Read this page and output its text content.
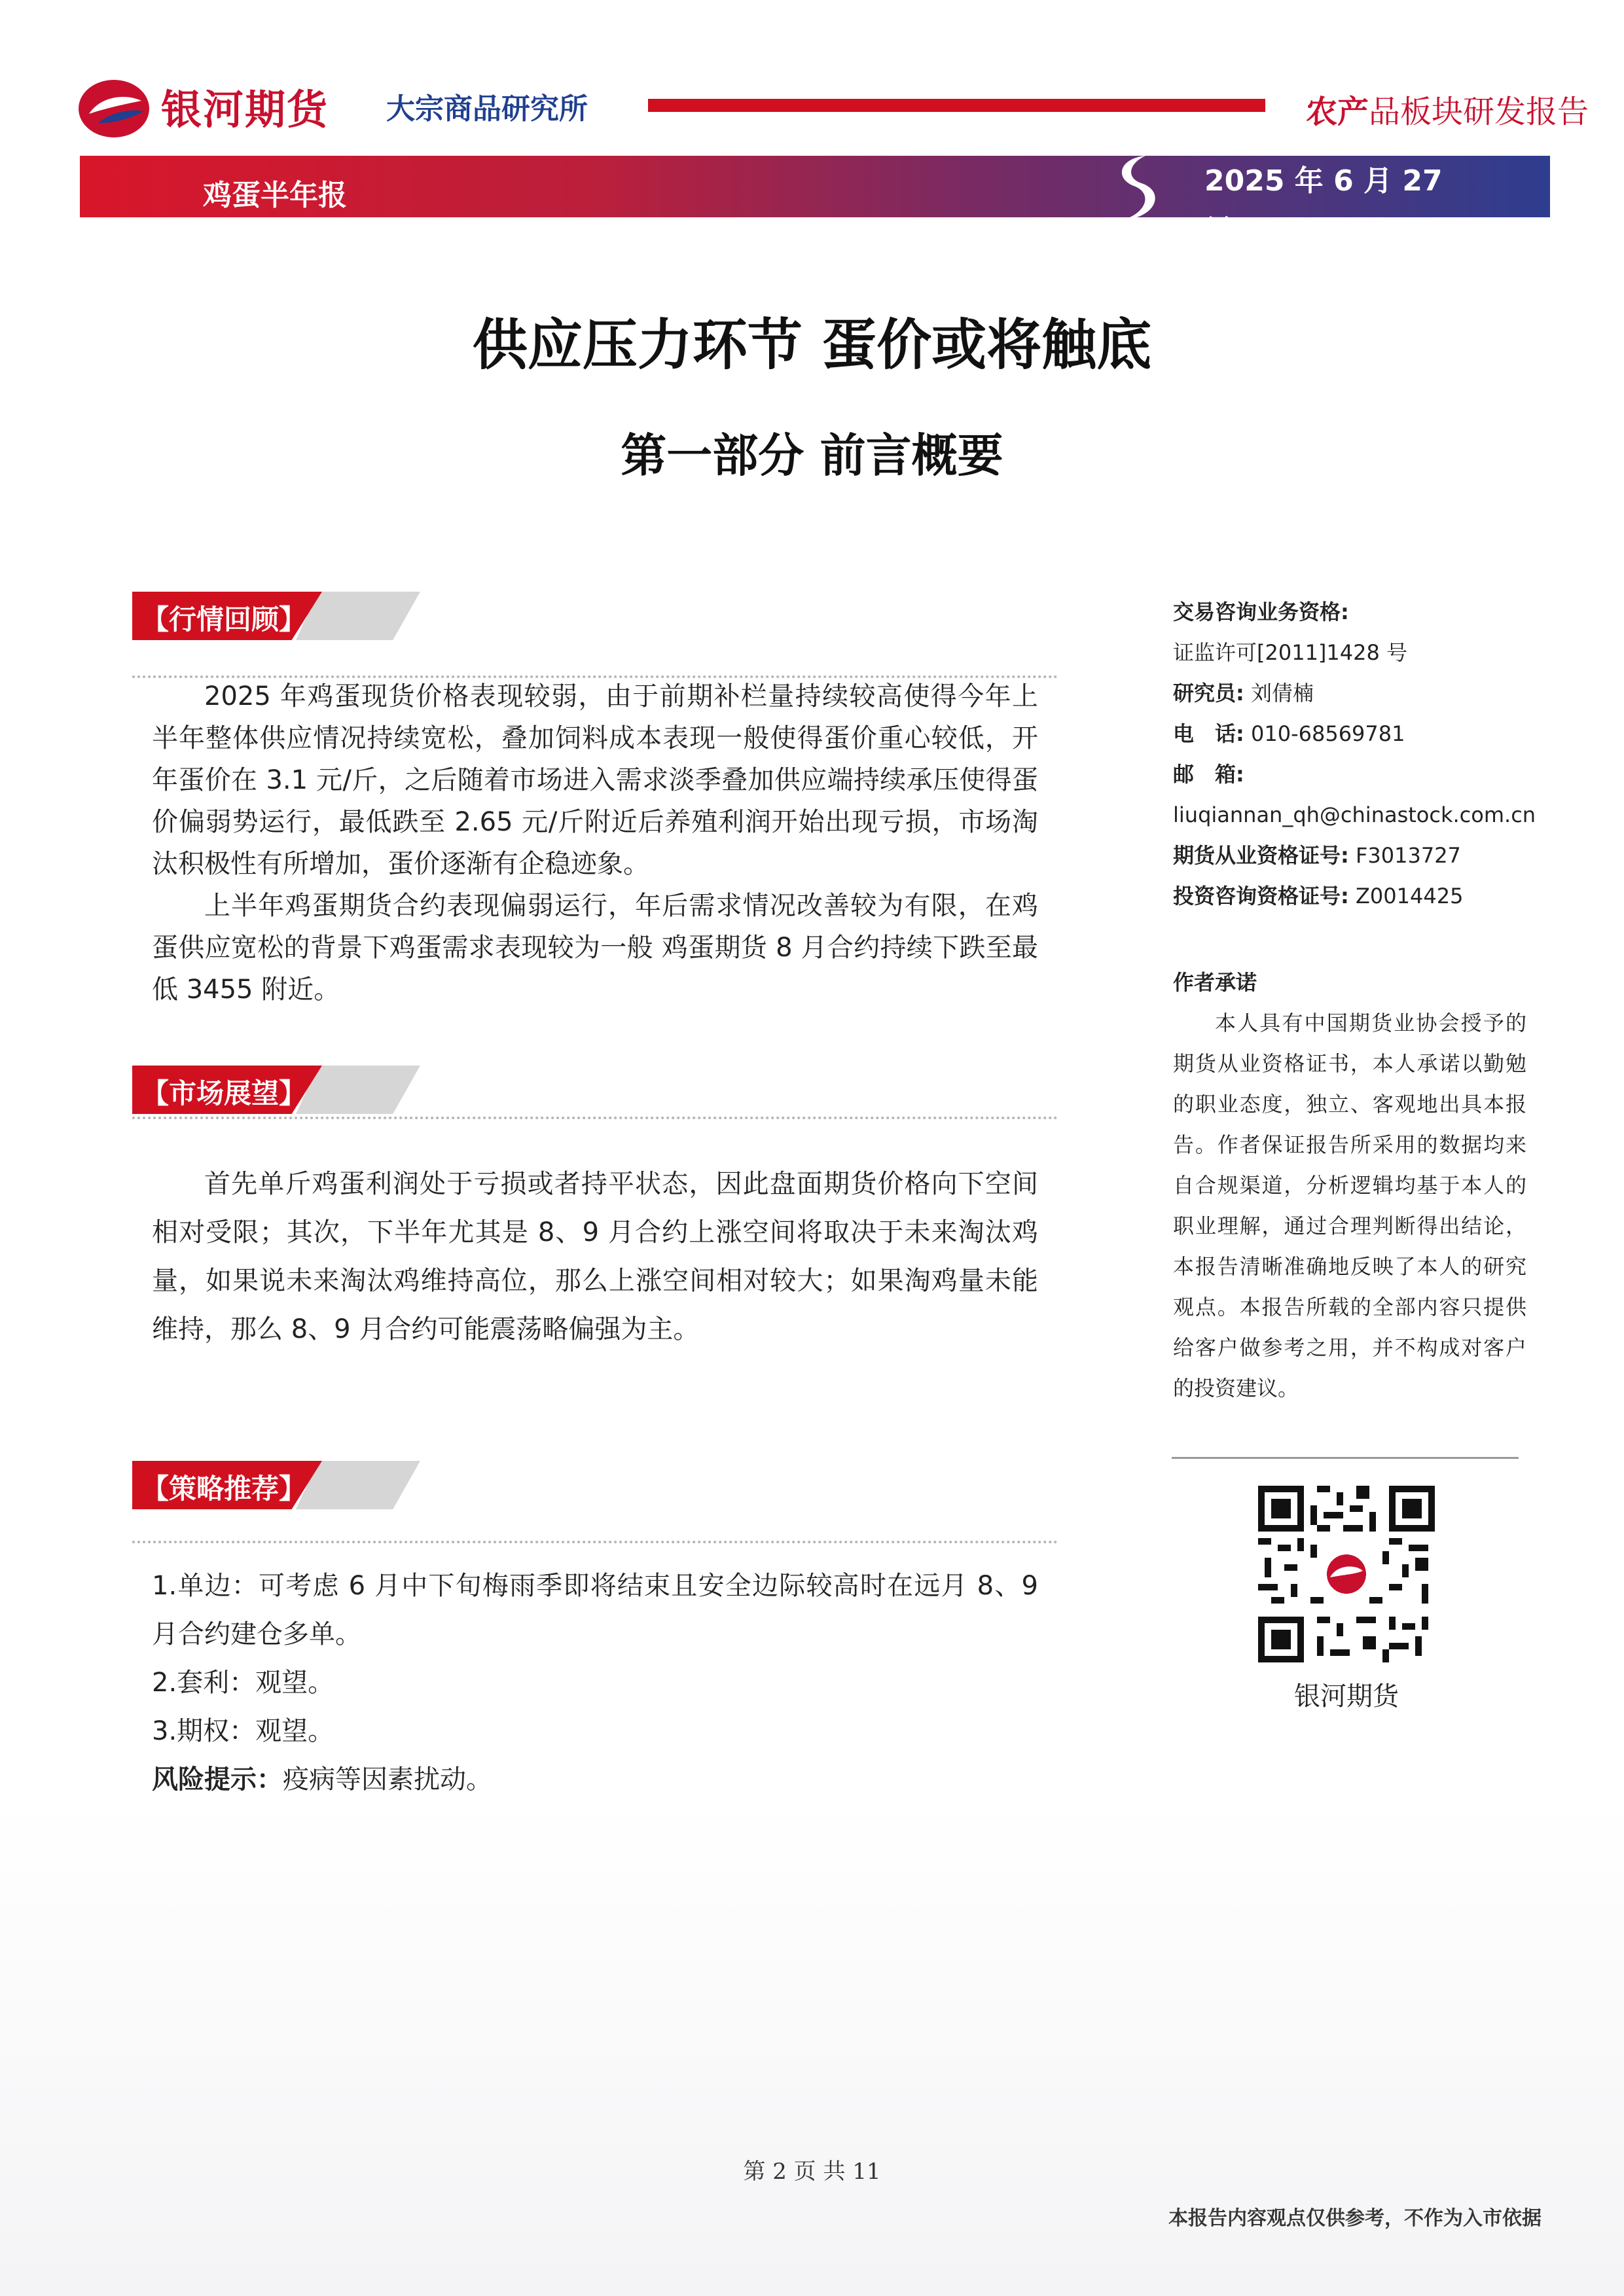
银河期货 大宗商品研究所	农产品板块研发报告
鸡蛋半年报	2025 年 6 月 27 日
供应压力环节 蛋价或将触底
第一部分 前言概要
【行情回顾】

2025 年鸡蛋现货价格表现较弱，由于前期补栏量持续较高使得今年上半年整体供应情况持续宽松，叠加饲料成本表现一般使得蛋价重心较低，开年蛋价在 3.1 元/斤，之后随着市场进入需求淡季叠加供应端持续承压使得蛋价偏弱势运行，最低跌至 2.65 元/斤附近后养殖利润开始出现亏损，市场淘汰积极性有所增加，蛋价逐渐有企稳迹象。

上半年鸡蛋期货合约表现偏弱运行，年后需求情况改善较为有限，在鸡蛋供应宽松的背景下鸡蛋需求表现较为一般 鸡蛋期货 8 月合约持续下跌至最低 3455 附近。

【市场展望】

首先单斤鸡蛋利润处于亏损或者持平状态，因此盘面期货价格向下空间相对受限；其次，下半年尤其是 8、9 月合约上涨空间将取决于未来淘汰鸡量，如果说未来淘汰鸡维持高位，那么上涨空间相对较大；如果淘鸡量未能维持，那么 8、9 月合约可能震荡略偏强为主。

【策略推荐】

1.单边：可考虑 6 月中下旬梅雨季即将结束且安全边际较高时在远月 8、9 月合约建仓多单。

2.套利：观望。

3.期权：观望。

风险提示：疫病等因素扰动。

交易咨询业务资格:
证监许可[2011]1428 号
研究员: 刘倩楠
电　话: 010-68569781
邮　箱:
liuqiannan_qh@chinastock.com.cn
期货从业资格证号: F3013727
投资咨询资格证号: Z0014425
作者承诺

本人具有中国期货业协会授予的期货从业资格证书，本人承诺以勤勉的职业态度，独立、客观地出具本报告。作者保证报告所采用的数据均来自合规渠道，分析逻辑均基于本人的职业理解，通过合理判断得出结论，本报告清晰准确地反映了本人的研究观点。本报告所载的全部内容只提供给客户做参考之用，并不构成对客户的投资建议。

银河期货
第 2 页 共 11
本报告内容观点仅供参考，不作为入市依据
